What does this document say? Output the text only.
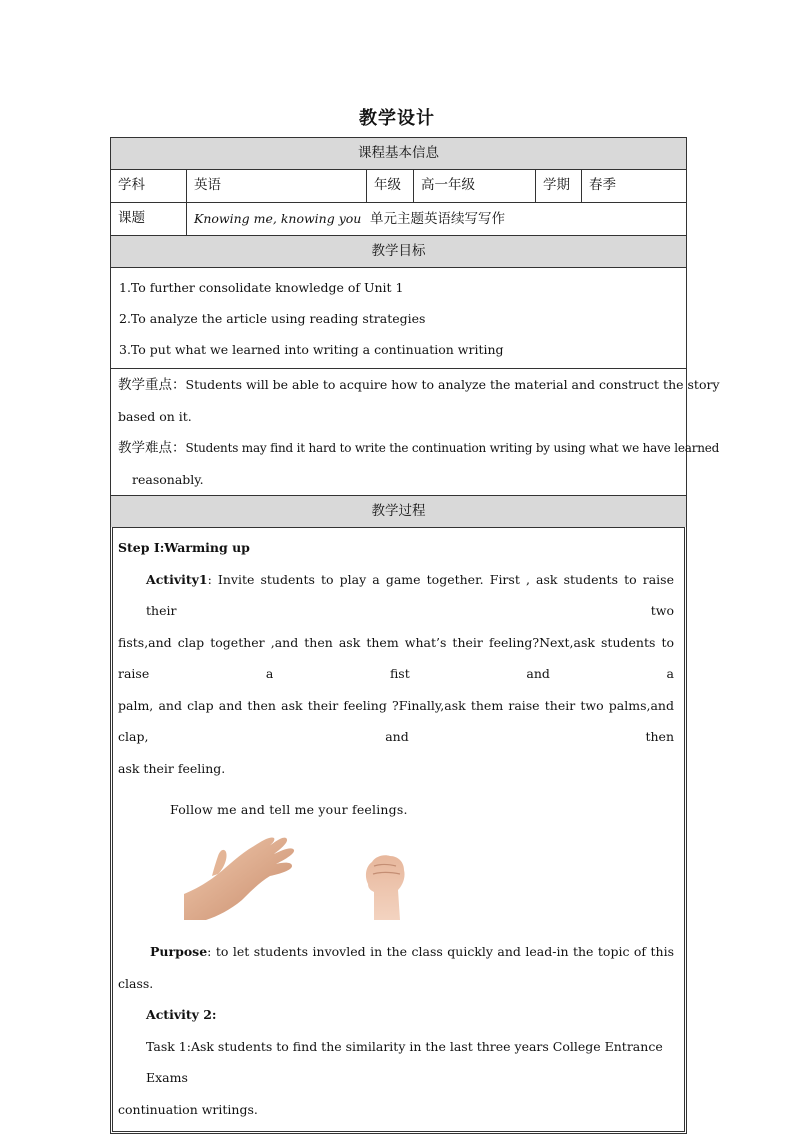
教学设计
课程基本信息
学科	英语	年级	高一年级	学期	春季
课题	Knowing me, knowing you 单元主题英语续写写作
教学目标
1.To further consolidate knowledge of Unit 1
2.To analyze the article using reading strategies
3.To put what we learned into writing a continuation writing
教学重点：Students will be able to acquire how to analyze the material and construct the story
based on it.
教学难点：Students may find it hard to write the continuation writing by using what we have learned
reasonably.
教学过程
Step I:Warming up
Activity1: Invite students to play a game together. First , ask students to raise their two
fists,and clap together ,and then ask them what’s their feeling?Next,ask students to raise a fist and a
palm, and clap and then ask their feeling ?Finally,ask them raise their two palms,and clap, and then
ask their feeling.
Follow me and tell me your feelings.
Purpose: to let students invovled in the class quickly and lead-in the topic of this
class.
Activity 2:
Task 1:Ask students to find the similarity in the last three years College Entrance Exams
continuation writings.
